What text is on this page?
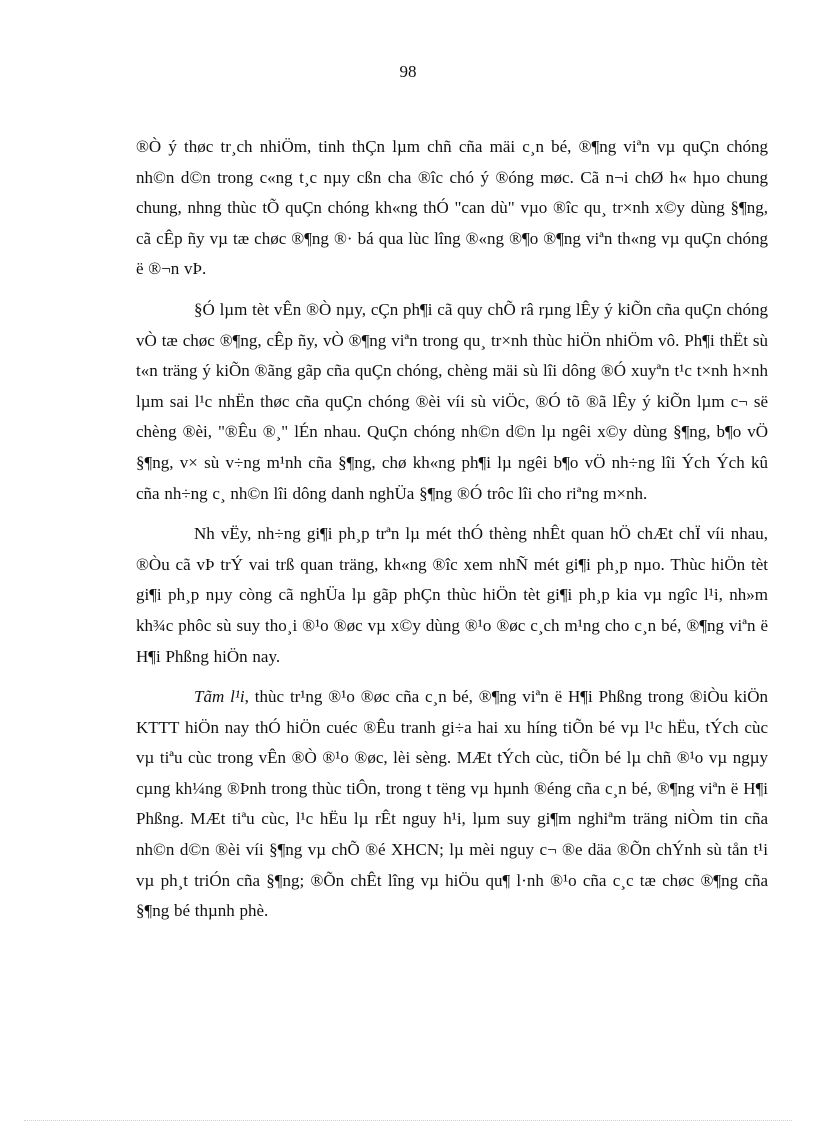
98

®Ò ý thøc tr¸ch nhiÖm, tinh thÇn lµm chñ cña mäi c¸n bé, ®¶ng viªn vµ quÇn chóng nh©n d©n trong c«ng t¸c nµy cßn cha ®îc chó ý ®óng møc. Cã n¬i chØ h« hµo chung chung, nhng thùc tÕ quÇn chóng kh«ng thÓ "can dù" vµo ®îc qu¸ tr×nh x©y dùng §¶ng, cã cÊp ñy vµ tæ chøc ®¶ng ®· bá qua lùc lîng ®«ng ®¶o ®¶ng viªn th«ng vµ quÇn chóng ë ®¬n vÞ.

§Ó lµm tèt vÊn ®Ò nµy, cÇn ph¶i cã quy chÕ râ rµng lÊy ý kiÕn cña quÇn chóng vÒ tæ chøc ®¶ng, cÊp ñy, vÒ ®¶ng viªn trong qu¸ tr×nh thùc hiÖn nhiÖm vô. Ph¶i thËt sù t«n träng ý kiÕn ®ãng gãp cña quÇn chóng, chèng mäi sù lîi dông ®Ó xuyªn t¹c t×nh h×nh lµm sai l¹c nhËn thøc cña quÇn chóng ®èi víi sù viÖc, ®Ó tõ ®ã lÊy ý kiÕn lµm c¬ së chèng ®èi, "®Êu ®¸" lÉn nhau. QuÇn chóng nh©n d©n lµ ngêi x©y dùng §¶ng, b¶o vÖ §¶ng, v× sù v÷ng m¹nh cña §¶ng, chø kh«ng ph¶i lµ ngêi b¶o vÖ nh÷ng lîi Ých Ých kû cña nh÷ng c¸ nh©n lîi dông danh nghÜa §¶ng ®Ó trôc lîi cho riªng m×nh.

Nh vËy, nh÷ng gi¶i ph¸p trªn lµ mét thÓ thèng nhÊt quan hÖ chÆt chÏ víi nhau, ®Òu cã vÞ trÝ vai trß quan träng, kh«ng ®îc xem nhÑ mét gi¶i ph¸p nµo. Thùc hiÖn tèt gi¶i ph¸p nµy còng cã nghÜa lµ gãp phÇn thùc hiÖn tèt gi¶i ph¸p kia vµ ngîc l¹i, nh»m kh¾c phôc sù suy tho¸i ®¹o ®øc vµ x©y dùng ®¹o ®øc c¸ch m¹ng cho c¸n bé, ®¶ng viªn ë H¶i Phßng hiÖn nay.

Tãm l¹i, thùc tr¹ng ®¹o ®øc cña c¸n bé, ®¶ng viªn ë H¶i Phßng trong ®iÒu kiÖn KTTT hiÖn nay thÓ hiÖn cuéc ®Êu tranh gi÷a hai xu híng tiÕn bé vµ l¹c hËu, tÝch cùc vµ tiªu cùc trong vÊn ®Ò ®¹o ®øc, lèi sèng. MÆt tÝch cùc, tiÕn bé lµ chñ ®¹o vµ ngµy cµng kh¼ng ®Þnh trong thùc tiÔn, trong t tëng vµ hµnh ®éng cña c¸n bé, ®¶ng viªn ë H¶i Phßng. MÆt tiªu cùc, l¹c hËu lµ rÊt nguy h¹i, lµm suy gi¶m nghiªm träng niÒm tin cña nh©n d©n ®èi víi §¶ng vµ chÕ ®é XHCN; lµ mèi nguy c¬ ®e däa ®Õn chÝnh sù tån t¹i vµ ph¸t triÓn cña §¶ng; ®Õn chÊt lîng vµ hiÖu qu¶ l·nh ®¹o cña c¸c tæ chøc ®¶ng cña §¶ng bé thµnh phè.
